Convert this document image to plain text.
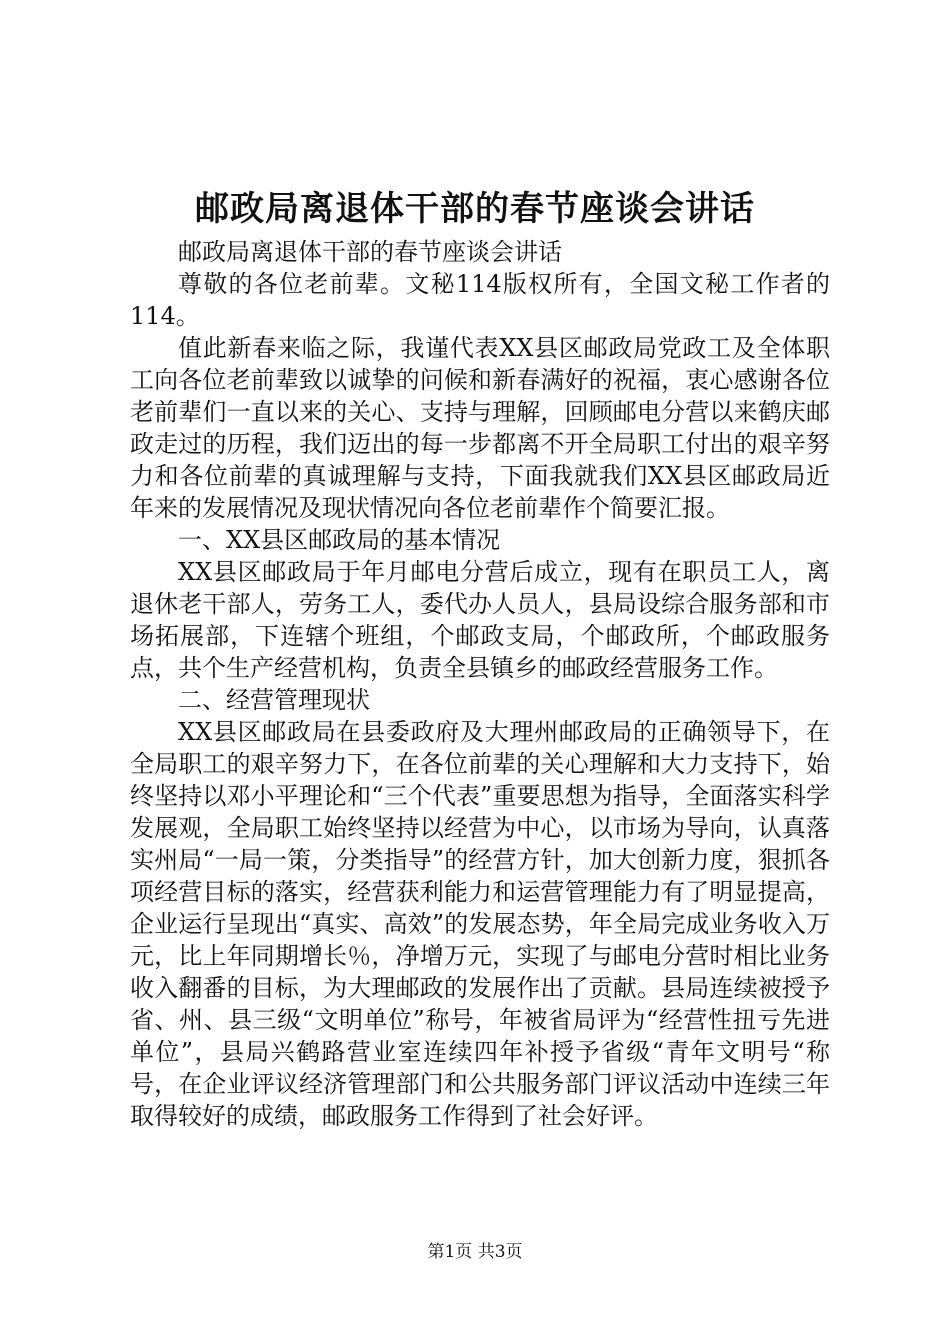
邮政局离退体干部的春节座谈会讲话

邮政局离退体干部的春节座谈会讲话

尊敬的各位老前辈。文秘114版权所有，全国文秘工作者的114。

值此新春来临之际，我谨代表XX县区邮政局党政工及全体职工向各位老前辈致以诚挚的问候和新春满好的祝福，衷心感谢各位老前辈们一直以来的关心、支持与理解，回顾邮电分营以来鹤庆邮政走过的历程，我们迈出的每一步都离不开全局职工付出的艰辛努力和各位前辈的真诚理解与支持，下面我就我们XX县区邮政局近年来的发展情况及现状情况向各位老前辈作个简要汇报。

一、XX县区邮政局的基本情况

XX县区邮政局于年月邮电分营后成立，现有在职员工人，离退休老干部人，劳务工人，委代办人员人，县局设综合服务部和市场拓展部，下连辖个班组，个邮政支局，个邮政所，个邮政服务点，共个生产经营机构，负责全县镇乡的邮政经营服务工作。

二、经营管理现状

XX县区邮政局在县委政府及大理州邮政局的正确领导下，在全局职工的艰辛努力下，在各位前辈的关心理解和大力支持下，始终坚持以邓小平理论和“三个代表”重要思想为指导，全面落实科学发展观，全局职工始终坚持以经营为中心，以市场为导向，认真落实州局“一局一策，分类指导”的经营方针，加大创新力度，狠抓各项经营目标的落实，经营获利能力和运营管理能力有了明显提高，企业运行呈现出“真实、高效”的发展态势，年全局完成业务收入万元，比上年同期增长％，净增万元，实现了与邮电分营时相比业务收入翻番的目标，为大理邮政的发展作出了贡献。县局连续被授予省、州、县三级“文明单位”称号，年被省局评为“经营性扭亏先进单位”，县局兴鹤路营业室连续四年补授予省级“青年文明号“称号，在企业评议经济管理部门和公共服务部门评议活动中连续三年取得较好的成绩，邮政服务工作得到了社会好评。

第1页 共3页
